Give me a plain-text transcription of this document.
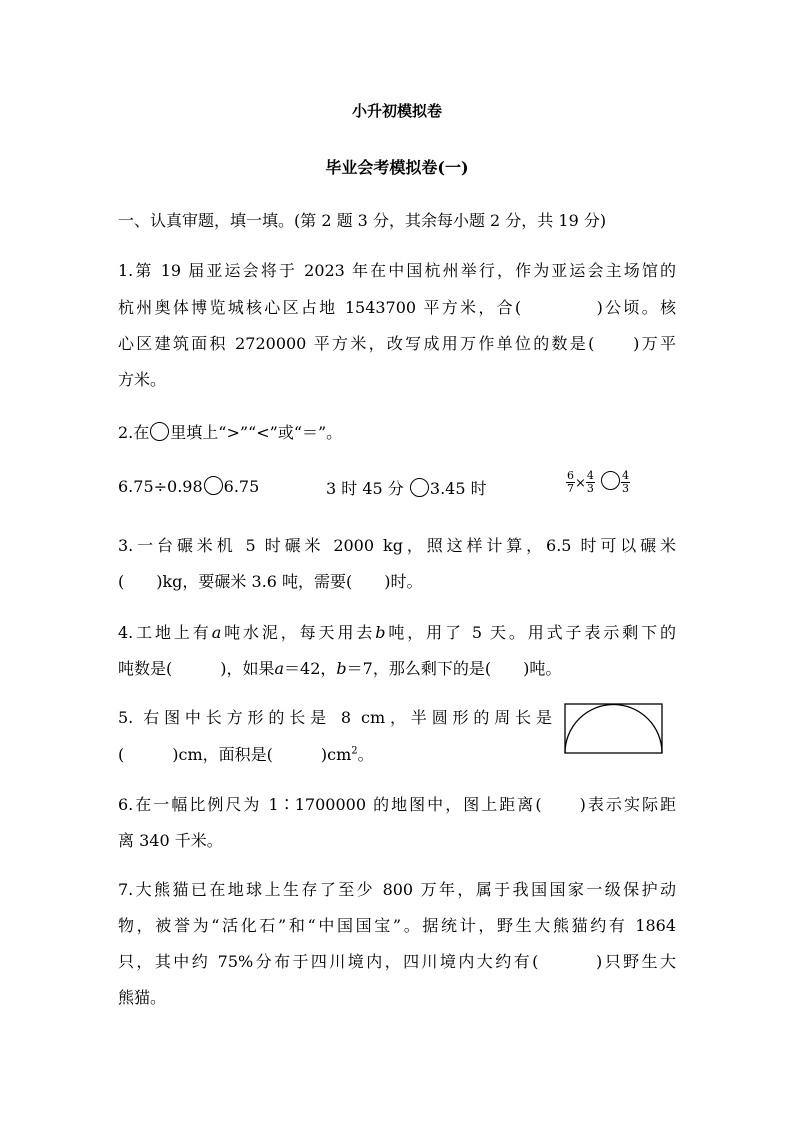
小升初模拟卷
毕业会考模拟卷(一)
一、认真审题，填一填。(第 2 题 3 分，其余每小题 2 分，共 19 分)
1.第 19 届亚运会将于 2023 年在中国杭州举行，作为亚运会主场馆的
杭州奥体博览城核心区占地 1543700 平方米，合(　　　　)公顷。核
心区建筑面积 2720000 平方米，改写成用万作单位的数是(　　)万平
方米。
2.在 里填上“>”“<”或“＝”。
6.75÷0.98 6.75	3 时 45 分 3.45 时	$\frac{6}{7} \times \frac{4}{3}$
$\frac{4}{3}$
3.一台碾米机 5 时碾米 2000 kg，照这样计算，6.5 时可以碾米
(　　)kg，要碾米 3.6 吨，需要(　　)时。
4.工地上有a吨水泥，每天用去b吨，用了 5 天。用式子表示剩下的
吨数是(　　　)，如果a＝42，b＝7，那么剩下的是(　　)吨。
5. 右图中长方形的长是 8 cm，半圆形的周长是
(　　　)cm，面积是(　　　)$cm^2$。
6.在一幅比例尺为 1∶1700000 的地图中，图上距离(　　)表示实际距
离 340 千米。
7.大熊猫已在地球上生存了至少 800 万年，属于我国国家一级保护动
物，被誉为“活化石”和“中国国宝”。据统计，野生大熊猫约有 1864
只，其中约 75%分布于四川境内，四川境内大约有(　　　)只野生大
熊猫。
